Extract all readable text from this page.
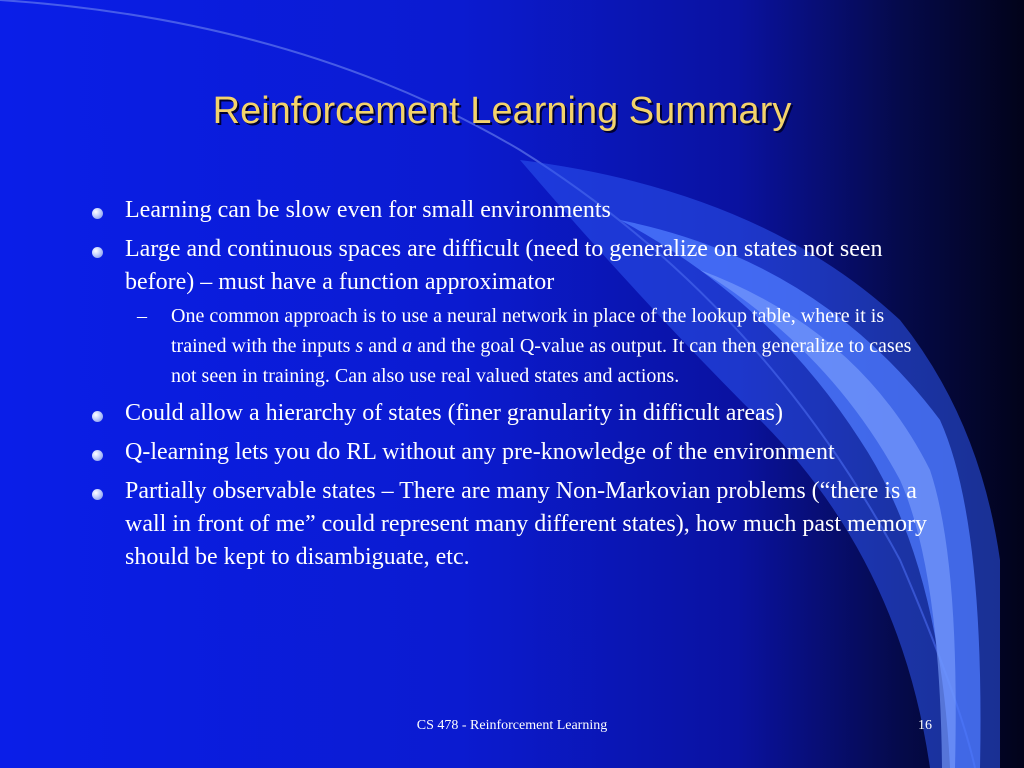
Reinforcement Learning Summary
Learning can be slow even for small environments
Large and continuous spaces are difficult (need to generalize on states not seen before) – must have a function approximator
– One common approach is to use a neural network in place of the lookup table, where it is trained with the inputs s and a and the goal Q-value as output. It can then generalize to cases not seen in training. Can also use real valued states and actions.
Could allow a hierarchy of states (finer granularity in difficult areas)
Q-learning lets you do RL without any pre-knowledge of the environment
Partially observable states – There are many Non-Markovian problems (“there is a wall in front of me” could represent many different states), how much past memory should be kept to disambiguate, etc.
CS 478 - Reinforcement Learning	16
